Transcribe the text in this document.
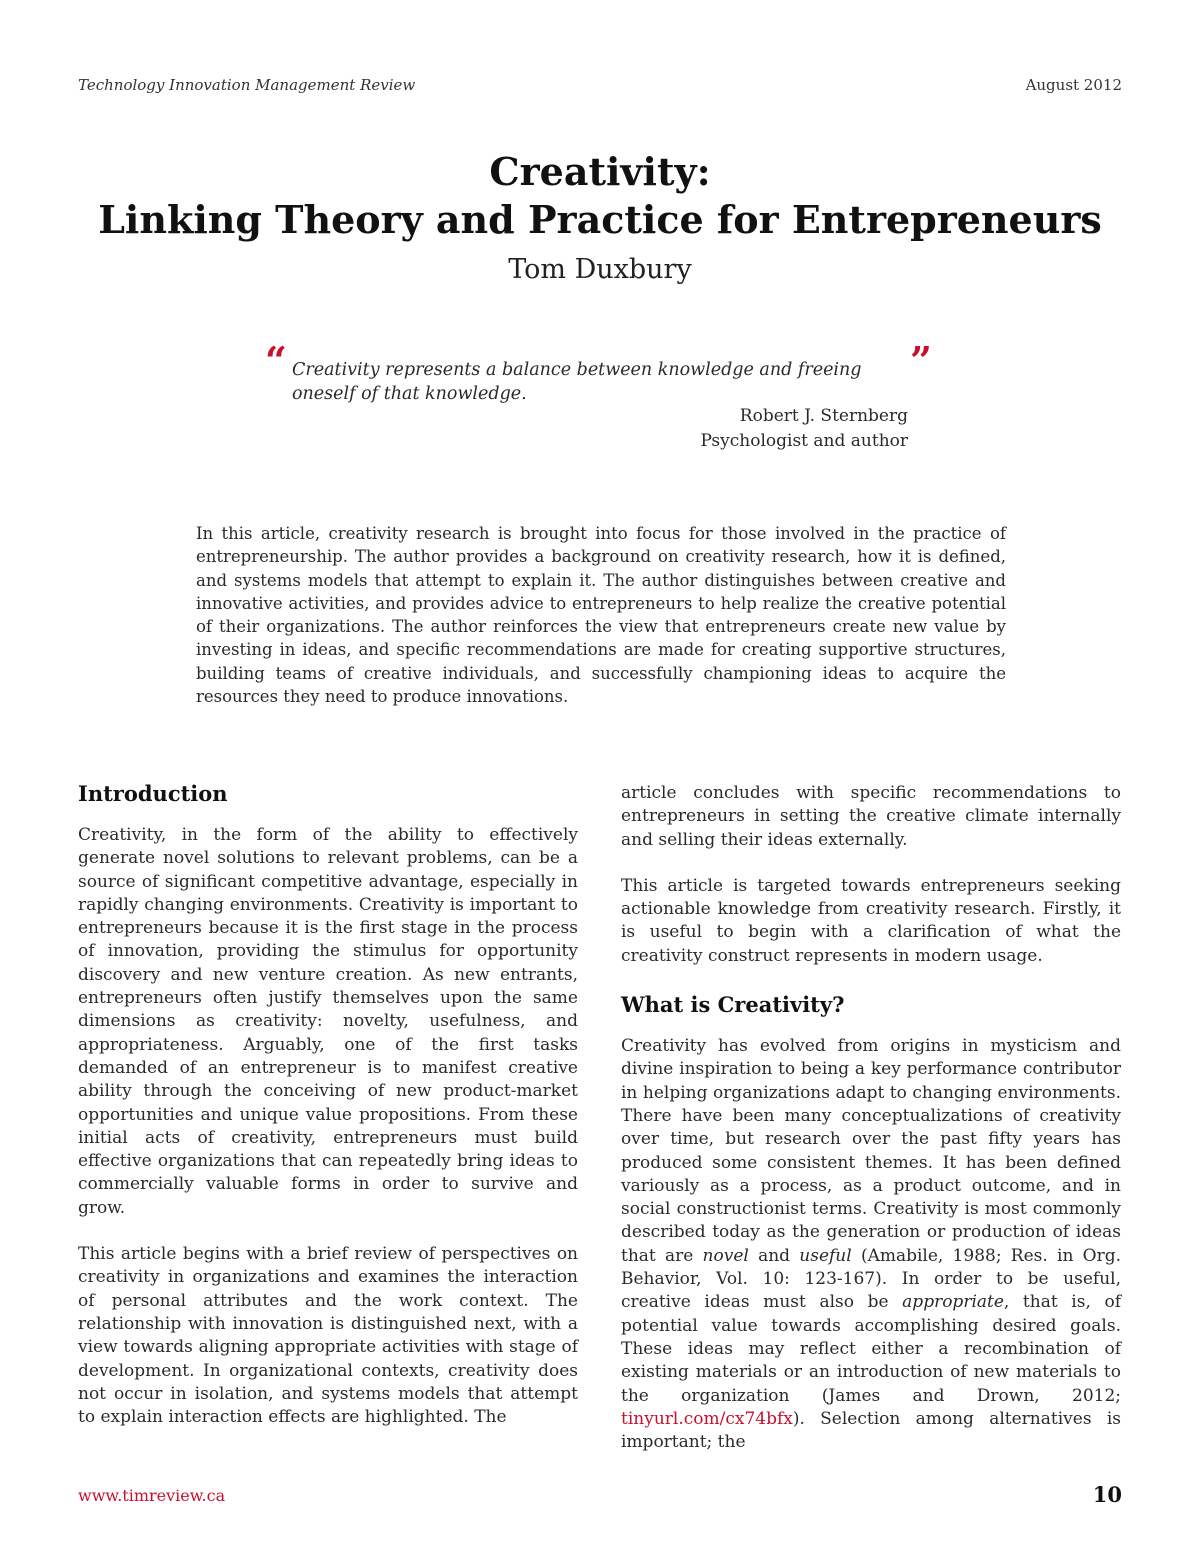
Technology Innovation Management Review	August 2012
Creativity:
Linking Theory and Practice for Entrepreneurs
Tom Duxbury
“ Creativity represents a balance between knowledge and freeing oneself of that knowledge.
”
Robert J. Sternberg
Psychologist and author
In this article, creativity research is brought into focus for those involved in the practice of entrepreneurship. The author provides a background on creativity research, how it is defined, and systems models that attempt to explain it. The author distinguishes between creative and innovative activities, and provides advice to entrepreneurs to help realize the creative potential of their organizations. The author reinforces the view that entrepreneurs create new value by investing in ideas, and specific recommendations are made for creating supportive structures, building teams of creative individuals, and successfully championing ideas to acquire the resources they need to produce innovations.
Introduction

Creativity, in the form of the ability to effectively generate novel solutions to relevant problems, can be a source of significant competitive advantage, especially in rapidly changing environments. Creativity is important to entrepreneurs because it is the first stage in the process of innovation, providing the stimulus for opportunity discovery and new venture creation. As new entrants, entrepreneurs often justify themselves upon the same dimensions as creativity: novelty, usefulness, and appropriateness. Arguably, one of the first tasks demanded of an entrepreneur is to manifest creative ability through the conceiving of new product-market opportunities and unique value propositions. From these initial acts of creativity, entrepreneurs must build effective organizations that can repeatedly bring ideas to commercially valuable forms in order to survive and grow.

This article begins with a brief review of perspectives on creativity in organizations and examines the interaction of personal attributes and the work context. The relationship with innovation is distinguished next, with a view towards aligning appropriate activities with stage of development. In organizational contexts, creativity does not occur in isolation, and systems models that attempt to explain interaction effects are highlighted. The

article concludes with specific recommendations to entrepreneurs in setting the creative climate internally and selling their ideas externally.

This article is targeted towards entrepreneurs seeking actionable knowledge from creativity research. Firstly, it is useful to begin with a clarification of what the creativity construct represents in modern usage.

What is Creativity?

Creativity has evolved from origins in mysticism and divine inspiration to being a key performance contributor in helping organizations adapt to changing environments. There have been many conceptualizations of creativity over time, but research over the past fifty years has produced some consistent themes. It has been defined variously as a process, as a product outcome, and in social constructionist terms. Creativity is most commonly described today as the generation or production of ideas that are novel and useful (Amabile, 1988; Res. in Org. Behavior, Vol. 10: 123-167). In order to be useful, creative ideas must also be appropriate, that is, of potential value towards accomplishing desired goals. These ideas may reflect either a recombination of existing materials or an introduction of new materials to the organization (James and Drown, 2012; tinyurl.com/cx74bfx). Selection among alternatives is important; the

www.timreview.ca	10
